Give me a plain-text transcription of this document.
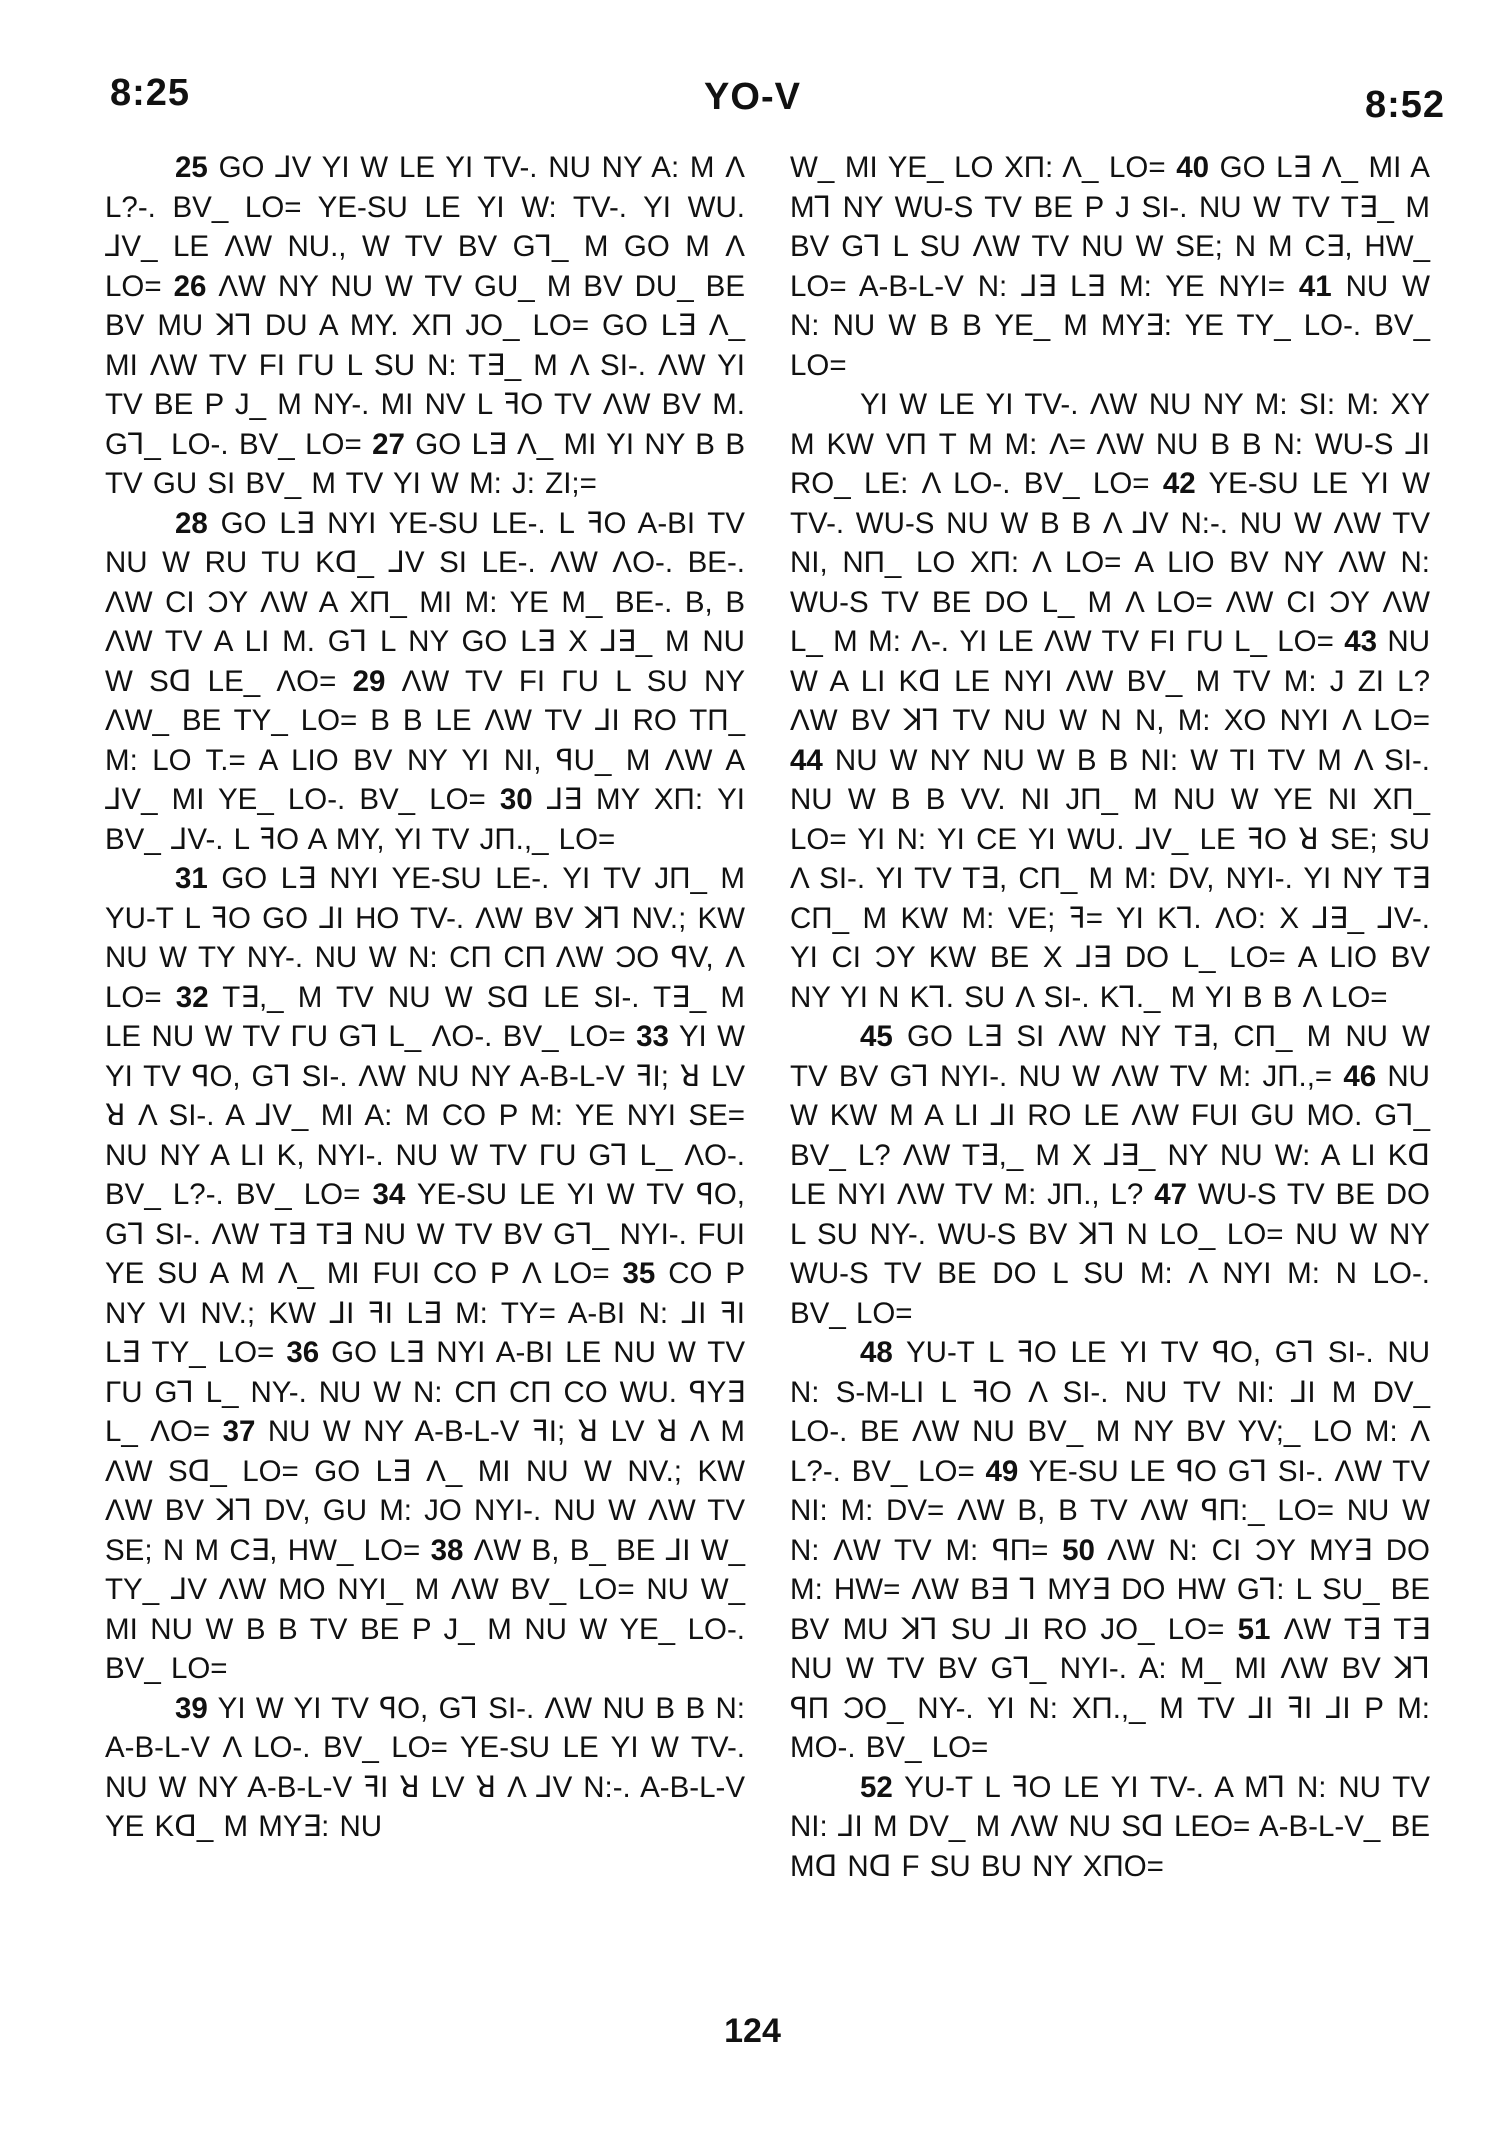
8:25	YO-V	8:52

25 GO ⅃V YI W LE YI TV-. NU NY A: M Λ L?-. BV_ LO= YE-SU LE YI W: TV-. YI WU. ⅃V_ LE ΛW NU., W TV BV G⅂_ M GO M Λ LO= 26 ΛW NY NU W TV GU_ M BV DU_ BE BV MU ꓘ⅂ DU A MY. XΠ JO_ LO= GO L∃ Λ_ MI ΛW TV FI ΓU L SU N: T∃_ M Λ SI-. ΛW YI TV BE P J_ M NY-. MI NV L ꟻO TV ΛW BV M. G⅂_ LO-. BV_ LO= 27 GO L∃ Λ_ MI YI NY B B TV GU SI BV_ M TV YI W M: J: ZI;=

28 GO L∃ NYI YE-SU LE-. L ꟻO A-BI TV NU W RU TU Kꓷ_ ⅃V SI LE-. ΛW ΛO-. BE-. ΛW CI ƆY ΛW A XΠ_ MI M: YE M_ BE-. B, B ΛW TV A LI M. G⅂ L NY GO L∃ X ⅃∃_ M NU W Sꓷ LE_ ΛO= 29 ΛW TV FI ΓU L SU NY ΛW_ BE TY_ LO= B B LE ΛW TV ⅃I RO TΠ_ M: LO T.= A LIO BV NY YI NI, ꟼU_ M ΛW A ⅃V_ MI YE_ LO-. BV_ LO= 30 ⅃∃ MY XΠ: YI BV_ ⅃V-. L ꟻO A MY, YI TV JΠ.,_ LO=

31 GO L∃ NYI YE-SU LE-. YI TV JΠ_ M YU-T L ꟻO GO ⅃I HO TV-. ΛW BV ꓘ⅂ NV.; KW NU W TY NY-. NU W N: CΠ CΠ ΛW ƆO ꟼV, Λ LO= 32 T∃,_ M TV NU W Sꓷ LE SI-. T∃_ M LE NU W TV ΓU G⅂ L_ ΛO-. BV_ LO= 33 YI W YI TV ꟼO, G⅂ SI-. ΛW NU NY A-B-L-V ꟻI; ꓤ LV ꓤ Λ SI-. A ⅃V_ MI A: M CO P M: YE NYI SE= NU NY A LI K, NYI-. NU W TV ΓU G⅂ L_ ΛO-. BV_ L?-. BV_ LO= 34 YE-SU LE YI W TV ꟼO, G⅂ SI-. ΛW T∃ T∃ NU W TV BV G⅂_ NYI-. FUI YE SU A M Λ_ MI FUI CO P Λ LO= 35 CO P NY VI NV.; KW ⅃I ꟻI L∃ M: TY= A-BI N: ⅃I ꟻI L∃ TY_ LO= 36 GO L∃ NYI A-BI LE NU W TV ΓU G⅂ L_ NY-. NU W N: CΠ CΠ CO WU. ꟼY∃ L_ ΛO= 37 NU W NY A-B-L-V ꟻI; ꓤ LV ꓤ Λ M ΛW Sꓷ_ LO= GO L∃ Λ_ MI NU W NV.; KW ΛW BV ꓘ⅂ DV, GU M: JO NYI-. NU W ΛW TV SE; N M C∃, HW_ LO= 38 ΛW B, B_ BE ⅃I W_ TY_ ⅃V ΛW MO NYI_ M ΛW BV_ LO= NU W_ MI NU W B B TV BE P J_ M NU W YE_ LO-. BV_ LO=

39 YI W YI TV ꟼO, G⅂ SI-. ΛW NU B B N: A-B-L-V Λ LO-. BV_ LO= YE-SU LE YI W TV-. NU W NY A-B-L-V ꟻI ꓤ LV ꓤ Λ ⅃V N:-. A-B-L-V YE Kꓷ_ M MY∃: NU

W_ MI YE_ LO XΠ: Λ_ LO= 40 GO L∃ Λ_ MI A M⅂ NY WU-S TV BE P J SI-. NU W TV T∃_ M BV G⅂ L SU ΛW TV NU W SE; N M C∃, HW_ LO= A-B-L-V N: ⅃∃ L∃ M: YE NYI= 41 NU W N: NU W B B YE_ M MY∃: YE TY_ LO-. BV_ LO=

YI W LE YI TV-. ΛW NU NY M: SI: M: XY M KW VΠ T M M: Λ= ΛW NU B B N: WU-S ⅃I RO_ LE: Λ LO-. BV_ LO= 42 YE-SU LE YI W TV-. WU-S NU W B B Λ ⅃V N:-. NU W ΛW TV NI, NΠ_ LO XΠ: Λ LO= A LIO BV NY ΛW N: WU-S TV BE DO L_ M Λ LO= ΛW CI ƆY ΛW L_ M M: Λ-. YI LE ΛW TV FI ΓU L_ LO= 43 NU W A LI Kꓷ LE NYI ΛW BV_ M TV M: J ZI L? ΛW BV ꓘ⅂ TV NU W N N, M: XO NYI Λ LO= 44 NU W NY NU W B B NI: W TI TV M Λ SI-. NU W B B VV. NI JΠ_ M NU W YE NI XΠ_ LO= YI N: YI CE YI WU. ⅃V_ LE ꟻO ꓤ SE; SU Λ SI-. YI TV T∃, CΠ_ M M: DV, NYI-. YI NY T∃ CΠ_ M KW M: VE; ꟻ= YI K⅂. ΛO: X ⅃∃_ ⅃V-. YI CI ƆY KW BE X ⅃∃ DO L_ LO= A LIO BV NY YI N K⅂. SU Λ SI-. K⅂._ M YI B B Λ LO=

45 GO L∃ SI ΛW NY T∃, CΠ_ M NU W TV BV G⅂ NYI-. NU W ΛW TV M: JΠ.,= 46 NU W KW M A LI ⅃I RO LE ΛW FUI GU MO. G⅂_ BV_ L? ΛW T∃,_ M X ⅃∃_ NY NU W: A LI Kꓷ LE NYI ΛW TV M: JΠ., L? 47 WU-S TV BE DO L SU NY-. WU-S BV ꓘ⅂ N LO_ LO= NU W NY WU-S TV BE DO L SU M: Λ NYI M: N LO-. BV_ LO=

48 YU-T L ꟻO LE YI TV ꟼO, G⅂ SI-. NU N: S-M-LI L ꟻO Λ SI-. NU TV NI: ⅃I M DV_ LO-. BE ΛW NU BV_ M NY BV YV;_ LO M: Λ L?-. BV_ LO= 49 YE-SU LE ꟼO G⅂ SI-. ΛW TV NI: M: DV= ΛW B, B TV ΛW ꟼΠ:_ LO= NU W N: ΛW TV M: ꟼΠ= 50 ΛW N: CI ƆY MY∃ DO M: HW= ΛW B∃ ⅂ MY∃ DO HW G⅂: L SU_ BE BV MU ꓘ⅂ SU ⅃I RO JO_ LO= 51 ΛW T∃ T∃ NU W TV BV G⅂_ NYI-. A: M_ MI ΛW BV ꓘ⅂ ꟼΠ ƆO_ NY-. YI N: XΠ.,_ M TV ⅃I ꟻI ⅃I P M: MO-. BV_ LO=

52 YU-T L ꟻO LE YI TV-. A M⅂ N: NU TV NI: ⅃I M DV_ M ΛW NU Sꓷ LEO= A-B-L-V_ BE Mꓷ Nꓷ F SU BU NY XΠO=

124
